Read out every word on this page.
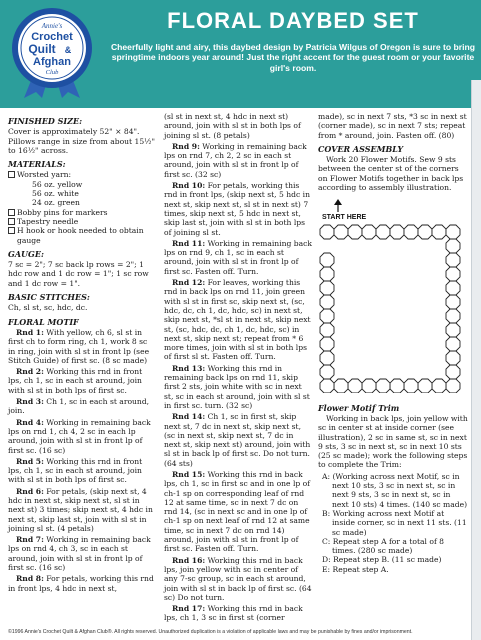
Annie's
Crochet
Quilt &
Afghan
Club
FLORAL DAYBED SET
Cheerfully light and airy, this daybed design by Patricia Wilgus of Oregon is sure to bring springtime indoors year around! Just the right accent for the guest room or your favorite girl's room.
FINISHED SIZE:
Cover is approximately 52" × 84". Pillows range in size from about 15½" to 16½" across.
MATERIALS:
Worsted yarn:
56 oz. yellow
56 oz. white
24 oz. green
Bobby pins for markers
Tapestry needle
H hook or hook needed to obtain gauge
GAUGE:
7 sc = 2"; 7 sc back lp rows = 2"; 1 hdc row and 1 dc row = 1"; 1 sc row and 1 dc row = 1".
BASIC STITCHES:
Ch, sl st, sc, hdc, dc.
FLORAL MOTIF
Rnd 1: With yellow, ch 6, sl st in first ch to form ring, ch 1, work 8 sc in ring, join with sl st in front lp (see Stitch Guide) of first sc. (8 sc made)
Rnd 2: Working this rnd in front lps, ch 1, sc in each st around, join with sl st in both lps of first sc.
Rnd 3: Ch 1, sc in each st around, join.
Rnd 4: Working in remaining back lps on rnd 1, ch 4, 2 sc in each lp around, join with sl st in front lp of first sc. (16 sc)
Rnd 5: Working this rnd in front lps, ch 1, sc in each st around, join with sl st in both lps of first sc.
Rnd 6: For petals, (skip next st, 4 hdc in next st, skip next st, sl st in next st) 3 times; skip next st, 4 hdc in next st, skip last st, join with sl st in joining sl st. (4 petals)
Rnd 7: Working in remaining back lps on rnd 4, ch 3, sc in each st around, join with sl st in front lp of first sc. (16 sc)
Rnd 8: For petals, working this rnd in front lps, 4 hdc in next st,
(sl st in next st, 4 hdc in next st) around, join with sl st in both lps of joining sl st. (8 petals)
Rnd 9: Working in remaining back lps on rnd 7, ch 2, 2 sc in each st around, join with sl st in front lp of first sc. (32 sc)
Rnd 10: For petals, working this rnd in front lps, (skip next st, 5 hdc in next st, skip next st, sl st in next st) 7 times, skip next st, 5 hdc in next st, skip last st, join with sl st in both lps of joining sl st.
Rnd 11: Working in remaining back lps on rnd 9, ch 1, sc in each st around, join with sl st in front lp of first sc. Fasten off. Turn.
Rnd 12: For leaves, working this rnd in back lps on rnd 11, join green with sl st in first sc, skip next st, (sc, hdc, dc, ch 1, dc, hdc, sc) in next st, skip next st, *sl st in next st, skip next st, (sc, hdc, dc, ch 1, dc, hdc, sc) in next st, skip next st; repeat from * 6 more times, join with sl st in both lps of first sl st. Fasten off. Turn.
Rnd 13: Working this rnd in remaining back lps on rnd 11, skip first 2 sts, join white with sc in next st, sc in each st around, join with sl st in first sc. turn. (32 sc)
Rnd 14: Ch 1, sc in first st, skip next st, 7 dc in next st, skip next st, (sc in next st, skip next st, 7 dc in next st, skip next st) around, join with sl st in back lp of first sc. Do not turn. (64 sts)
Rnd 15: Working this rnd in back lps, ch 1, sc in first sc and in one lp of ch-1 sp on corresponding leaf of rnd 12 at same time, sc in next 7 dc on rnd 14, (sc in next sc and in one lp of ch-1 sp on next leaf of rnd 12 at same time, sc in next 7 dc on rnd 14) around, join with sl st in front lp of first sc. Fasten off. Turn.
Rnd 16: Working this rnd in back lps, join yellow with sc in center of any 7-sc group, sc in each st around, join with sl st in back lp of first sc. (64 sc) Do not turn.
Rnd 17: Working this rnd in back lps, ch 1, 3 sc in first st (corner
made), sc in next 7 sts, *3 sc in next st (corner made), sc in next 7 sts; repeat from * around, join. Fasten off. (80)
COVER ASSEMBLY
Work 20 Flower Motifs. Sew 9 sts between the center st of the corners on Flower Motifs together in back lps according to assembly illustration.
START HERE
Flower Motif Trim
Working in back lps, join yellow with sc in center st at inside corner (see illustration), 2 sc in same st, sc in next 9 sts, 3 sc in next st, sc in next 10 sts (25 sc made); work the following steps to complete the Trim:
A: (Working across next Motif, sc in next 10 sts, 3 sc in next st, sc in next 9 sts, 3 sc in next st, sc in next 10 sts) 4 times. (140 sc made)
B: Working across next Motif at inside corner, sc in next 11 sts. (11 sc made)
C: Repeat step A for a total of 8 times. (280 sc made)
D: Repeat step B. (11 sc made)
E: Repeat step A.
©1996 Annie's Crochet Quilt & Afghan Club®. All rights reserved. Unauthorized duplication is a violation of applicable laws and may be punishable by fines and/or imprisonment.
